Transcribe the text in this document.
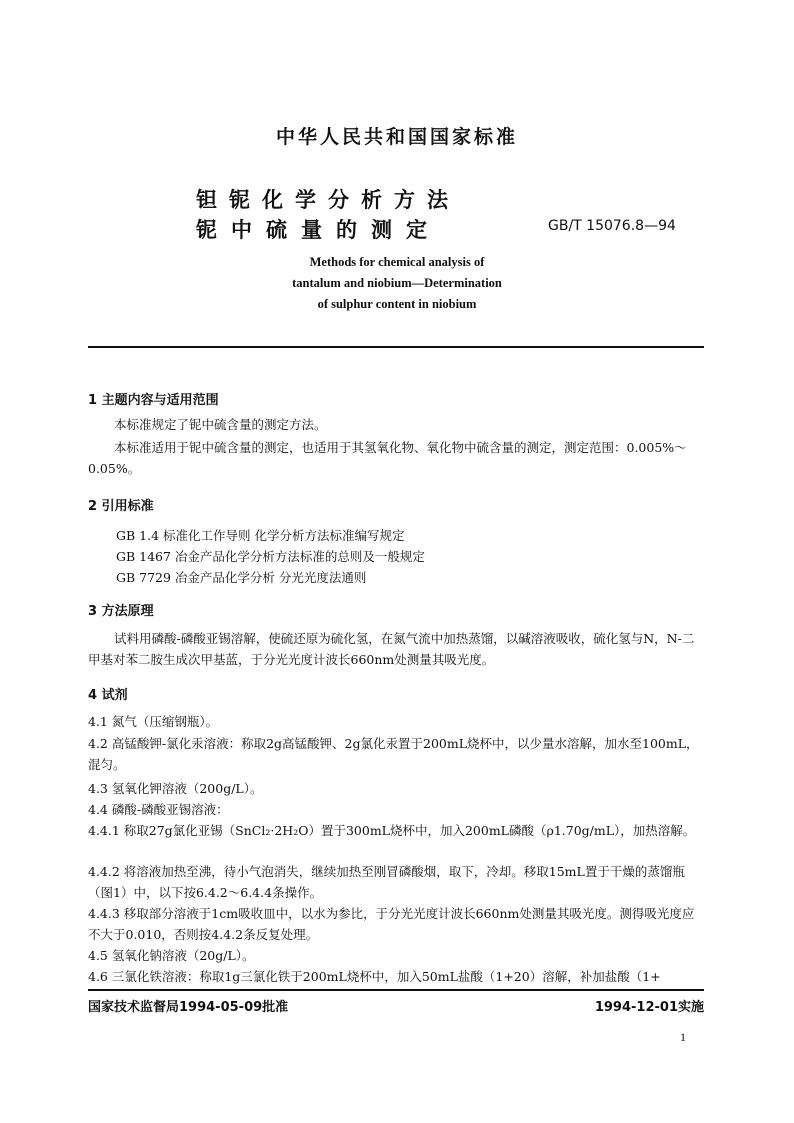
中华人民共和国国家标准
钽铌化学分析方法
铌中硫量的测定	GB/T 15076.8—94
Methods for chemical analysis of
tantalum and niobium—Determination
of sulphur content in niobium
1 主题内容与适用范围
本标准规定了铌中硫含量的测定方法。
本标准适用于铌中硫含量的测定，也适用于其氢氧化物、氧化物中硫含量的测定，测定范围：0.005%～0.05%。
2 引用标准
GB 1.4 标准化工作导则 化学分析方法标准编写规定
GB 1467 冶金产品化学分析方法标准的总则及一般规定
GB 7729 冶金产品化学分析 分光光度法通则
3 方法原理
试料用磷酸-磷酸亚锡溶解，使硫还原为硫化氢，在氮气流中加热蒸馏，以碱溶液吸收，硫化氢与N，N-二甲基对苯二胺生成次甲基蓝，于分光光度计波长660nm处测量其吸光度。
4 试剂
4.1 氮气（压缩钢瓶）。
4.2 高锰酸钾-氯化汞溶液：称取2g高锰酸钾、2g氯化汞置于200mL烧杯中，以少量水溶解，加水至100mL，混匀。
4.3 氢氧化钾溶液（200g/L）。
4.4 磷酸-磷酸亚锡溶液：
4.4.1 称取27g氯化亚锡（SnCl₂·2H₂O）置于300mL烧杯中，加入200mL磷酸（ρ1.70g/mL），加热溶解。
4.4.2 将溶液加热至沸，待小气泡消失，继续加热至刚冒磷酸烟，取下，冷却。移取15mL置于干燥的蒸馏瓶（图1）中，以下按6.4.2～6.4.4条操作。
4.4.3 移取部分溶液于1cm吸收皿中，以水为参比，于分光光度计波长660nm处测量其吸光度。测得吸光度应不大于0.010，否则按4.4.2条反复处理。
4.5 氢氧化钠溶液（20g/L）。
4.6 三氯化铁溶液：称取1g三氯化铁于200mL烧杯中，加入50mL盐酸（1+20）溶解，补加盐酸（1+
国家技术监督局1994-05-09批准	1994-12-01实施
1
